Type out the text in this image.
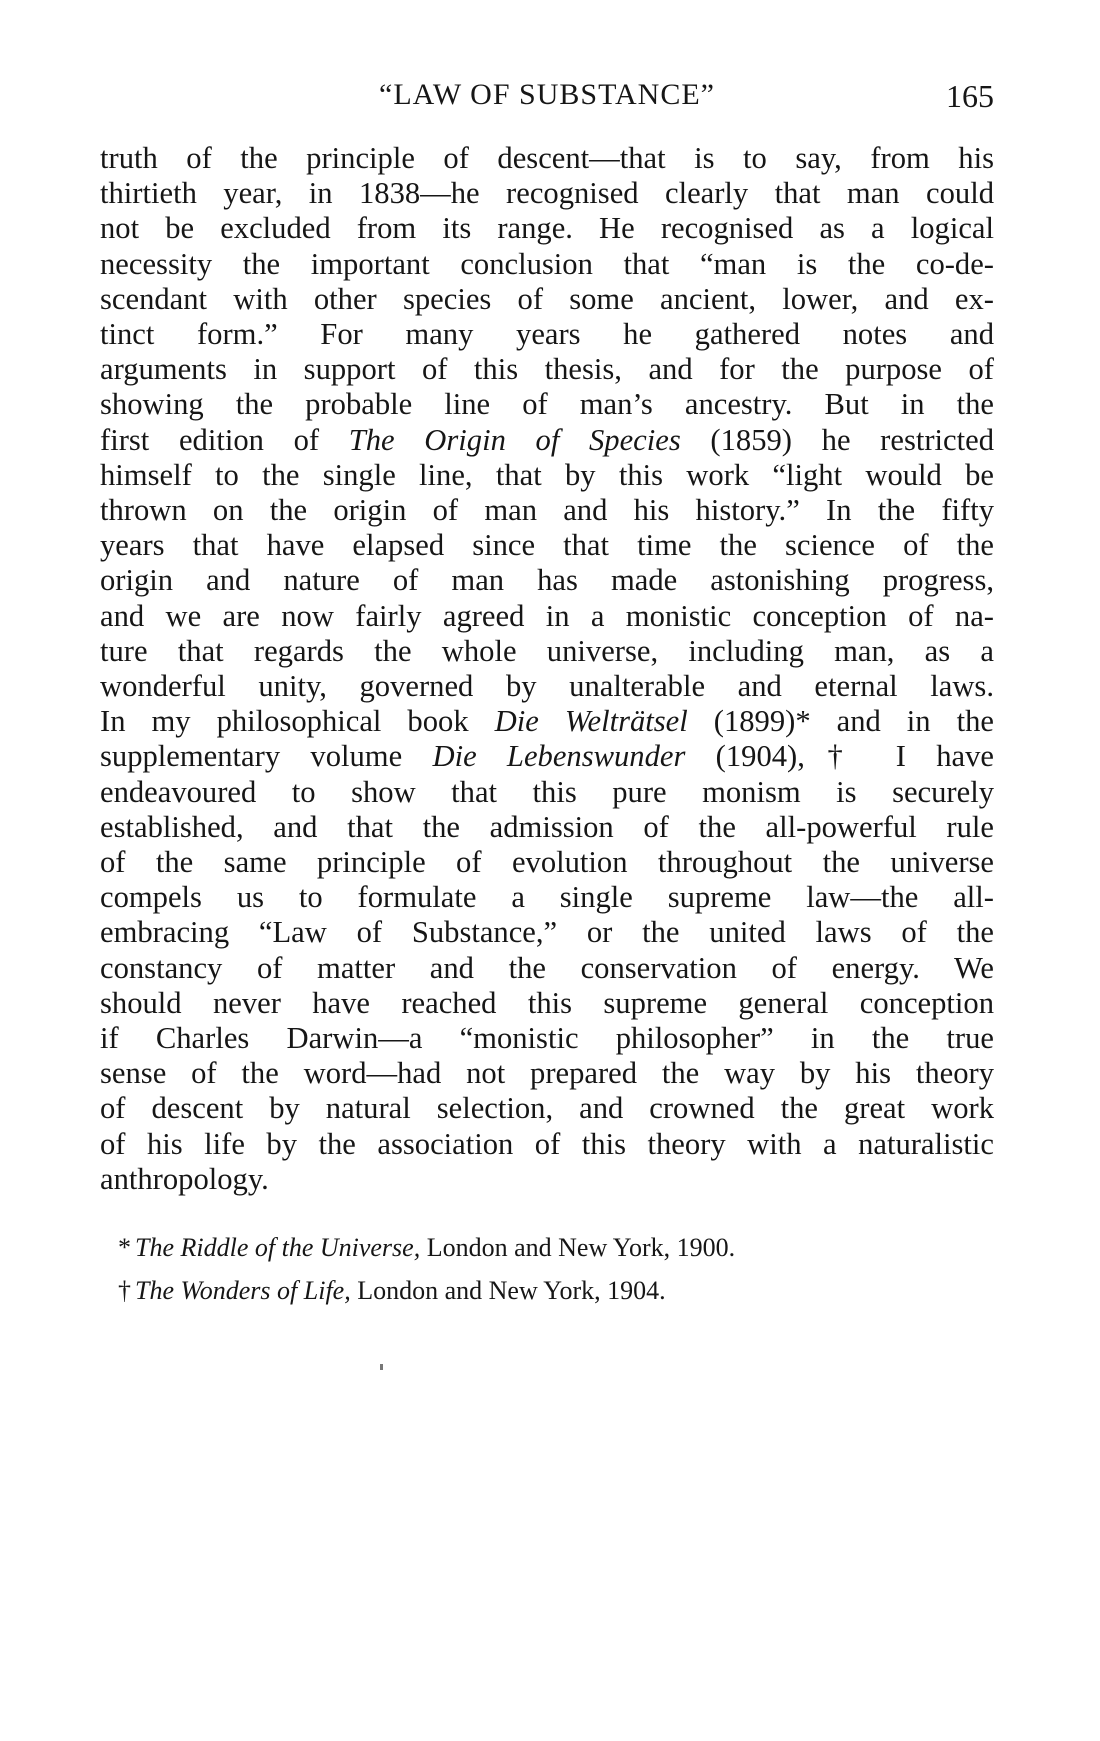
“LAW OF SUBSTANCE”	165
truth of the principle of descent—that is to say, from his
thirtieth year, in 1838—he recognised clearly that man could
not be excluded from its range. He recognised as a logical
necessity the important conclusion that “man is the co-de-
scendant with other species of some ancient, lower, and ex-
tinct form.” For many years he gathered notes and
arguments in support of this thesis, and for the purpose of
showing the probable line of man’s ancestry. But in the
first edition of The Origin of Species (1859) he restricted
himself to the single line, that by this work “light would be
thrown on the origin of man and his history.” In the fifty
years that have elapsed since that time the science of the
origin and nature of man has made astonishing progress,
and we are now fairly agreed in a monistic conception of na-
ture that regards the whole universe, including man, as a
wonderful unity, governed by unalterable and eternal laws.
In my philosophical book Die Welträtsel (1899)* and in the
supplementary volume Die Lebenswunder (1904),† I have
endeavoured to show that this pure monism is securely
established, and that the admission of the all-powerful rule
of the same principle of evolution throughout the universe
compels us to formulate a single supreme law—the all-
embracing “Law of Substance,” or the united laws of the
constancy of matter and the conservation of energy. We
should never have reached this supreme general conception
if Charles Darwin—a “monistic philosopher” in the true
sense of the word—had not prepared the way by his theory
of descent by natural selection, and crowned the great work
of his life by the association of this theory with a naturalistic
anthropology.
* The Riddle of the Universe, London and New York, 1900.
† The Wonders of Life, London and New York, 1904.
